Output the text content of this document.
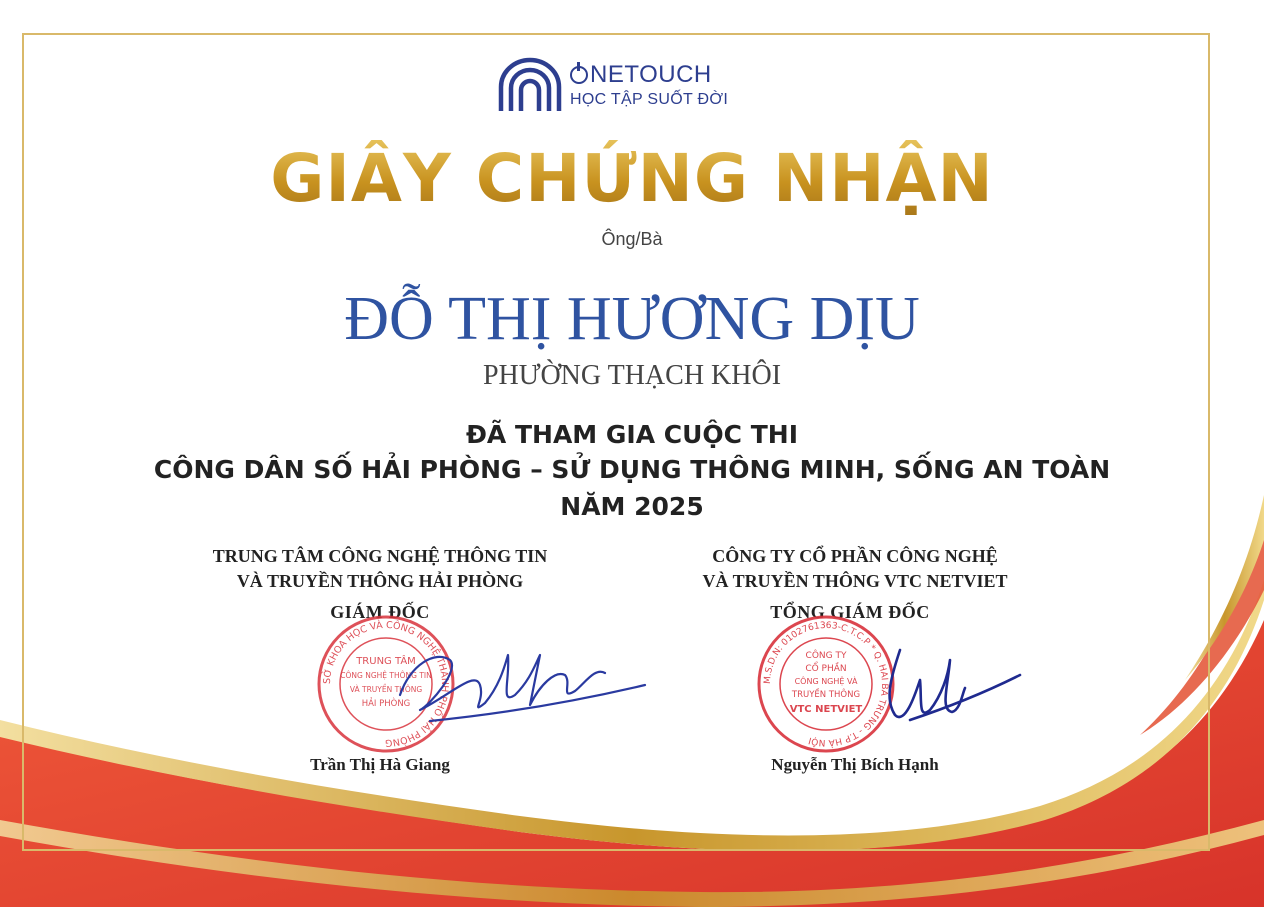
NETOUCH
HỌC TẬP SUỐT ĐỜI
GIẤY CHỨNG NHẬN
Ông/Bà
ĐỖ THỊ HƯƠNG DỊU
PHƯỜNG THẠCH KHÔI
ĐÃ THAM GIA CUỘC THI
CÔNG DÂN SỐ HẢI PHÒNG – SỬ DỤNG THÔNG MINH, SỐNG AN TOÀN
NĂM 2025
TRUNG TÂM CÔNG NGHỆ THÔNG TIN
VÀ TRUYỀN THÔNG HẢI PHÒNG
GIÁM ĐỐC
SỞ KHOA HỌC VÀ CÔNG NGHỆ THÀNH PHỐ HẢI PHÒNG
TRUNG TÂM
CÔNG NGHỆ THÔNG TIN
VÀ TRUYỀN THÔNG
HẢI PHÒNG
Trần Thị Hà Giang
CÔNG TY CỔ PHẦN CÔNG NGHỆ
VÀ TRUYỀN THÔNG VTC NETVIET
TỔNG GIÁM ĐỐC
M.S.D.N: 0102761363-C.T.C.P * Q. HAI BÀ TRƯNG - T.P HÀ NỘI
CÔNG TY
CỔ PHẦN
CÔNG NGHỆ VÀ
TRUYỀN THÔNG
VTC NETVIET
Nguyễn Thị Bích Hạnh
